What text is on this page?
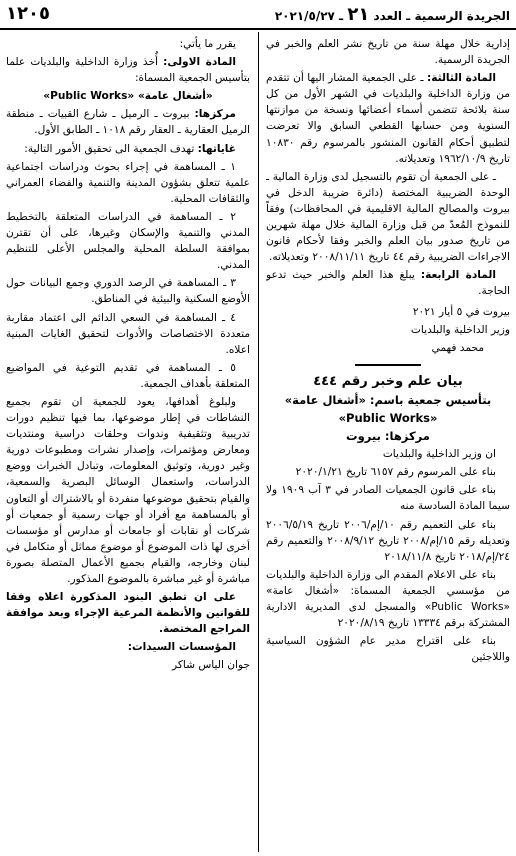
الجريدة الرسمية ـ العدد ٢١ ـ ٢٠٢١/٥/٢٧
١٢٠٥

إدارية خلال مهلة سنة من تاريخ نشر العلم والخبر في الجريدة الرسمية.

المادة الثالثة: ـ على الجمعية المشار اليها أن تتقدم من وزارة الداخلية والبلديات في الشهر الأول من كل سنة بلائحة تتضمن أسماء أعضائها ونسخة من موازنتها السنوية ومن حسابها القطعي السابق والا تعرضت لتطبيق أحكام القانون المنشور بالمرسوم رقم ١٠٨٣٠ تاريخ ١٩٦٢/١٠/٩ وتعديلاته.

ـ على الجمعية أن تقوم بالتسجيل لدى وزارة المالية ـ الوحدة الضريبية المختصة (دائرة ضريبة الدخل في بيروت والمصالح المالية الاقليمية في المحافظات) وفقاً للنموذج المُعدّ من قبل وزارة المالية خلال مهلة شهرين من تاريخ صدور بيان العلم والخبر وفقا لأحكام قانون الاجراءات الضريبية رقم ٤٤ تاريخ ٢٠٠٨/١١/١١ وتعديلاته.

المادة الرابعة: يبلغ هذا العلم والخبر حيث تدعو الحاجة.

بيروت في ٥ أيار ٢٠٢١

وزير الداخلية والبلديات

محمد فهمي

بيان علم وخبر رقم ٤٤٤

بتأسيس جمعية باسم: «أشغال عامة»

«Public Works»

مركزها: بيروت

ان وزير الداخلية والبلديات

بناء على المرسوم رقم ٦١٥٧ تاريخ ٢٠٢٠/١/٢١

بناء على قانون الجمعيات الصادر في ٣ آب ١٩٠٩ ولا سيما المادة السادسة منه

بناء على التعميم رقم ١٠/إم/٢٠٠٦ تاريخ ٢٠٠٦/٥/١٩ وتعديله رقم ١٥/إم/٢٠٠٨ تاريخ ٢٠٠٨/٩/١٢ والتعميم رقم ٢٤/إم/٢٠١٨ تاريخ ٢٠١٨/١١/٨

بناء على الاعلام المقدم الى وزارة الداخلية والبلديات من مؤسسي الجمعية المسماة: «أشغال عامة» «Public Works» والمسجل لدى المديرية الادارية المشتركة برقم ١٣٣٣٤ تاريخ ٢٠٢٠/٨/١٩

بناء على اقتراح مدير عام الشؤون السياسية واللاجئين

يقرر ما يأتي:

المادة الاولى: أُخذ وزارة الداخلية والبلديات علما بتأسيس الجمعية المسماة:

«أشغال عامة» «Public Works»

مركزها: بيروت ـ الرميل ـ شارع القبيات ـ منطقة الرميل العقارية ـ العقار رقم ١٠١٨ ـ الطابق الأول.

غاياتها: تهدف الجمعية الى تحقيق الأمور التالية:

١ ـ المساهمة في إجراء بحوث ودراسات اجتماعية علمية تتعلق بشؤون المدينة والتنمية والفضاء العمراني والثقافات المحلية.

٢ ـ المساهمة في الدراسات المتعلقة بالتخطيط المدني والتنمية والإسكان وغيرها، على أن تقترن بموافقة السلطة المحلية والمجلس الأعلى للتنظيم المدني.

٣ ـ المساهمة في الرصد الدوري وجمع البيانات حول الأوضع السكنية والبيئية في المناطق.

٤ ـ المساهمة في السعي الدائم الى اعتماد مقاربة متعددة الاختصاصات والأدوات لتحقيق الغايات المبنية اعلاه.

٥ ـ المساهمة في تقديم التوعية في المواضيع المتعلقة بأهداف الجمعية.

ولبلوغ أهدافها، يعود للجمعية ان تقوم بجميع النشاطات في إطار موضوعها، بما فيها تنظيم دورات تدريبية وتثقيفية وندوات وحلقات دراسية ومنتديات ومعارض ومؤتمرات، وإصدار نشرات ومطبوعات دورية وغير دورية، وتوثيق المعلومات، وتبادل الخبرات ووضع الدراسات، واستعمال الوسائل البصرية والسمعية، والقيام بتحقيق موضوعها منفردة أو بالاشتراك أو التعاون أو بالمساهمة مع أفراد أو جهات رسمية أو جمعيات أو شركات أو نقابات أو جامعات أو مدارس أو مؤسسات أخرى لها ذات الموضوع أو موضوع مماثل أو متكامل في لبنان وخارجه، والقيام بجميع الأعمال المتصلة بصورة مباشرة أو غير مباشرة بالموضوع المذكور.

على ان تطبق البنود المذكورة اعلاه وفقا للقوانين والأنظمة المرعية الإجراء وبعد موافقة المراجع المختصة.

المؤسسات السيدات:

جوان الياس شاكر
